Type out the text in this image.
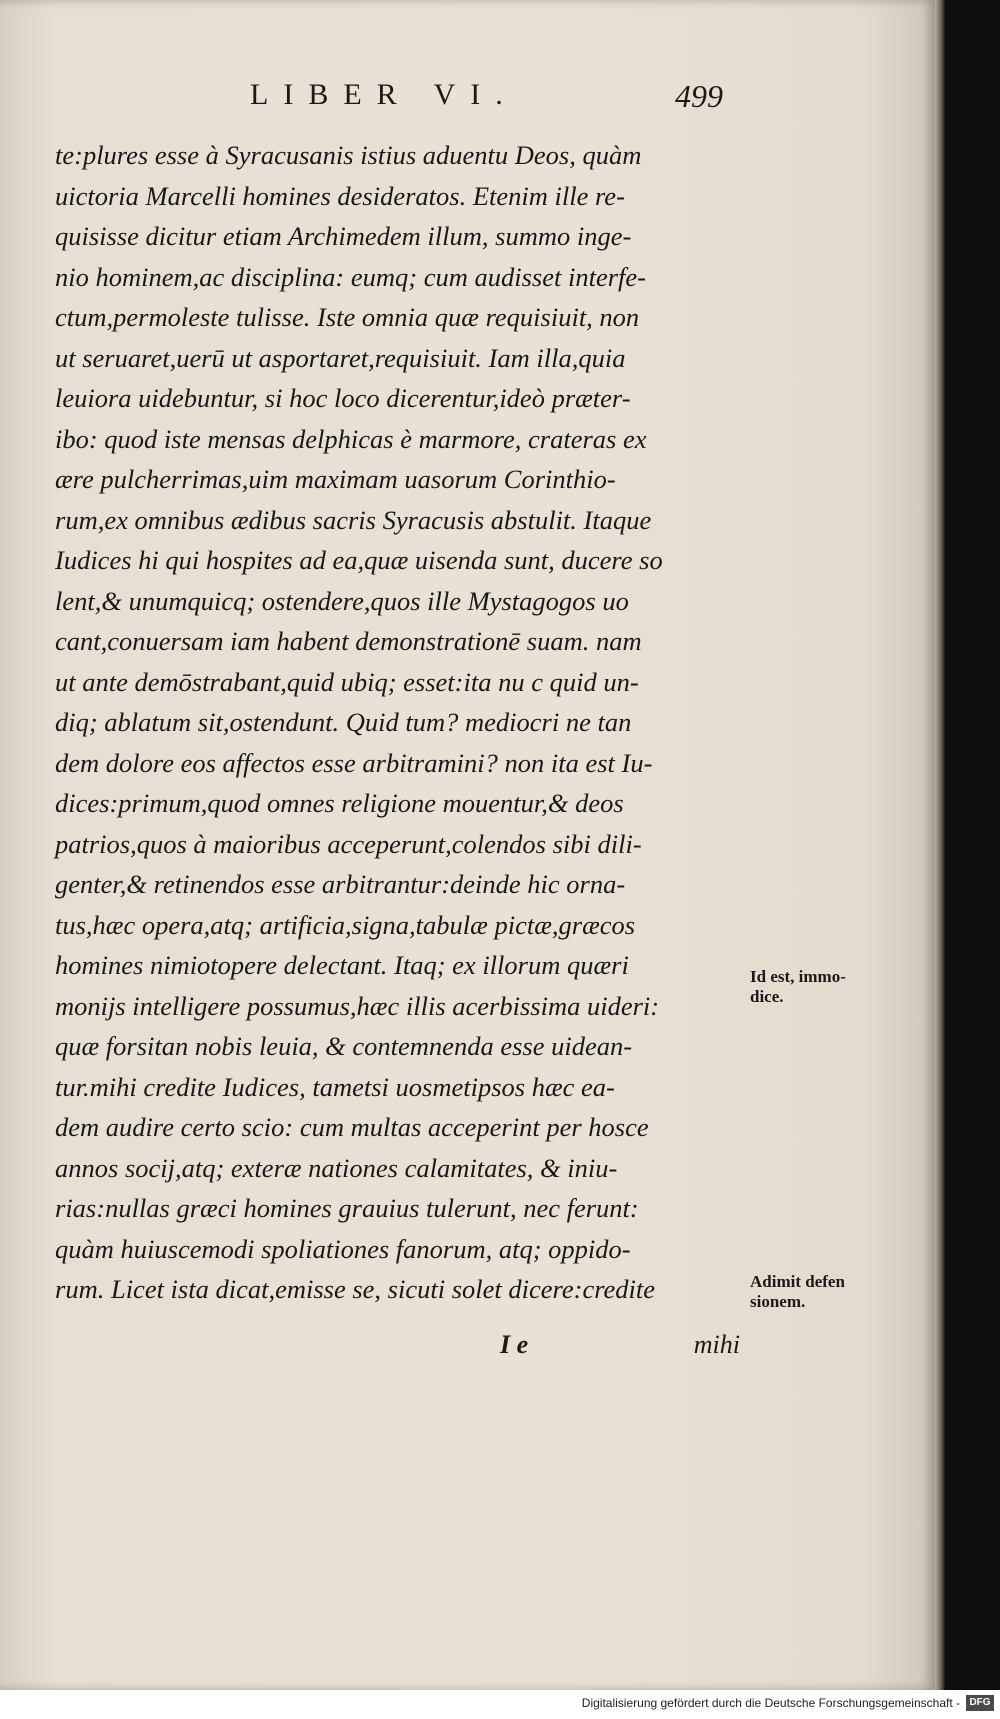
LIBER VI.	499
te:plures esse à Syracusanis istius aduentu Deos, quàm
uictoria Marcelli homines desideratos. Etenim ille re-
quisisse dicitur etiam Archimedem illum, summo inge-
nio hominem,ac disciplina: eumq; cum audisset interfe-
ctum,permoleste tulisse. Iste omnia quæ requisiuit, non
ut seruaret,uerū ut asportaret,requisiuit. Iam illa,quia
leuiora uidebuntur, si hoc loco dicerentur,ideò præter-
ibo: quod iste mensas delphicas è marmore, crateras ex
ære pulcherrimas,uim maximam uasorum Corinthio-
rum,ex omnibus ædibus sacris Syracusis abstulit. Itaque
Iudices hi qui hospites ad ea,quæ uisenda sunt, ducere so
lent,& unumquicq; ostendere,quos ille Mystagogos uo
cant,conuersam iam habent demonstrationē suam. nam
ut ante demōstrabant,quid ubiq; esset:ita nu c quid un-
diq; ablatum sit,ostendunt. Quid tum? mediocri ne tan
dem dolore eos affectos esse arbitramini? non ita est Iu-
dices:primum,quod omnes religione mouentur,& deos
patrios,quos à maioribus acceperunt,colendos sibi dili-
genter,& retinendos esse arbitrantur:deinde hic orna-
tus,hæc opera,atq; artificia,signa,tabulæ pictæ,græcos
homines nimiotopere delectant. Itaq; ex illorum quæri
monijs intelligere possumus,hæc illis acerbissima uideri:
quæ forsitan nobis leuia, & contemnenda esse uidean-
tur.mihi credite Iudices, tametsi uosmetipsos hæc ea-
dem audire certo scio: cum multas acceperint per hosce
annos socij,atq; exteræ nationes calamitates, & iniu-
rias:nullas græci homines grauius tulerunt, nec ferunt:
quàm huiuscemodi spoliationes fanorum, atq; oppido-
rum. Licet ista dicat,emisse se, sicuti solet dicere:credite
Id est, immo-
dice.
Adimit defen
sionem.
I e	mihi
Digitalisierung gefördert durch die Deutsche Forschungsgemeinschaft - DFG
